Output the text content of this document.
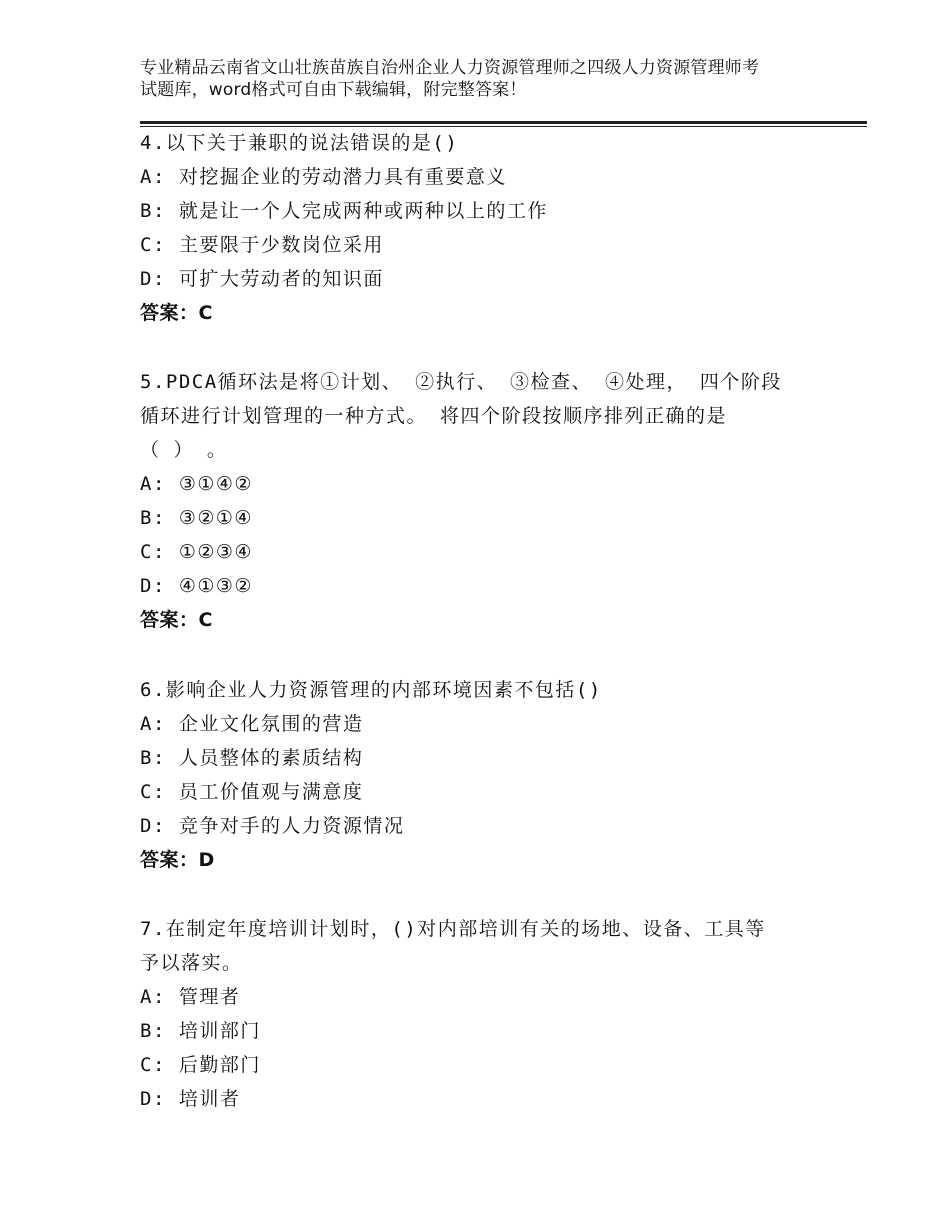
专业精品云南省文山壮族苗族自治州企业人力资源管理师之四级人力资源管理师考
试题库，word格式可自由下载编辑，附完整答案！
4.以下关于兼职的说法错误的是()
A: 对挖掘企业的劳动潜力具有重要意义
B: 就是让一个人完成两种或两种以上的工作
C: 主要限于少数岗位采用
D: 可扩大劳动者的知识面
答案：C
5.PDCA循环法是将①计划、 ②执行、 ③检查、 ④处理， 四个阶段
循环进行计划管理的一种方式。 将四个阶段按顺序排列正确的是
（ ） 。
A: ③①④②
B: ③②①④
C: ①②③④
D: ④①③②
答案：C
6.影响企业人力资源管理的内部环境因素不包括()
A: 企业文化氛围的营造
B: 人员整体的素质结构
C: 员工价值观与满意度
D: 竞争对手的人力资源情况
答案：D
7.在制定年度培训计划时，()对内部培训有关的场地、设备、工具等
予以落实。
A: 管理者
B: 培训部门
C: 后勤部门
D: 培训者
